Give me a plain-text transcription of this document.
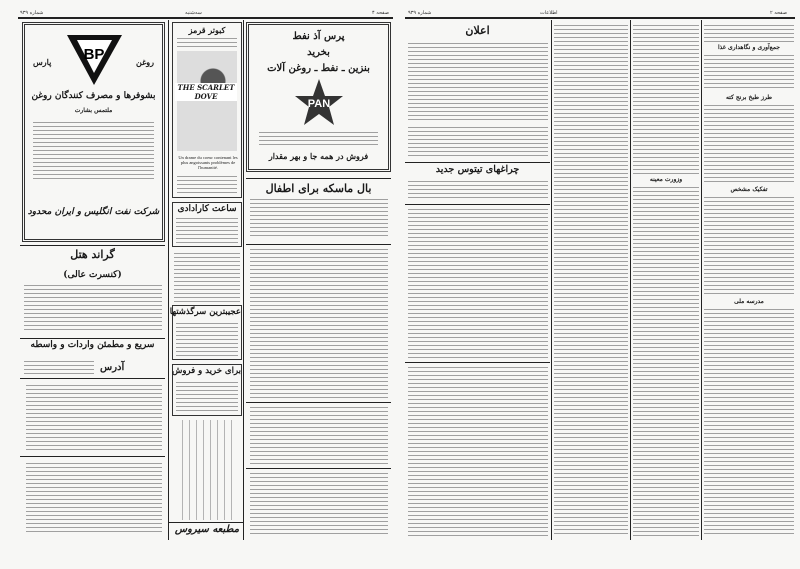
شماره ۹۳۹	سه‌شنبه	صفحه ۴	شماره ۹۳۹	اطلاعات	صفحه ۲
BP
پارس	روغن
بشوفرها و مصرف کنندگان روغن
ملتمس بشارت
شرکت نفت انگلیس و ایران محدود
گراند هتل
(کنسرت عالی)
سریع و مطمئن واردات و واسطه
آدرس
کبوتر قرمز
THE SCARLET DOVE
Un drame du coeur contenant les plus angoissants problèmes de l'humanité.
ساعت کارادادی
عجیبترین سرگذشتها
برای خرید و فروش
مطبعه سیروس
پرس آذ نفط
بخرید
بنزین ـ نفط ـ روغن آلات
PAN
فروش در همه جا و بهر مقدار
بال ماسکه برای اطفال
اعلان
چراغهای تیتوس جدید
وزورت معینه
جمع‌آوری و نگاهداری غذا
طرز طبخ برنج کته
تفکیک مشخص
مدرسه ملی
